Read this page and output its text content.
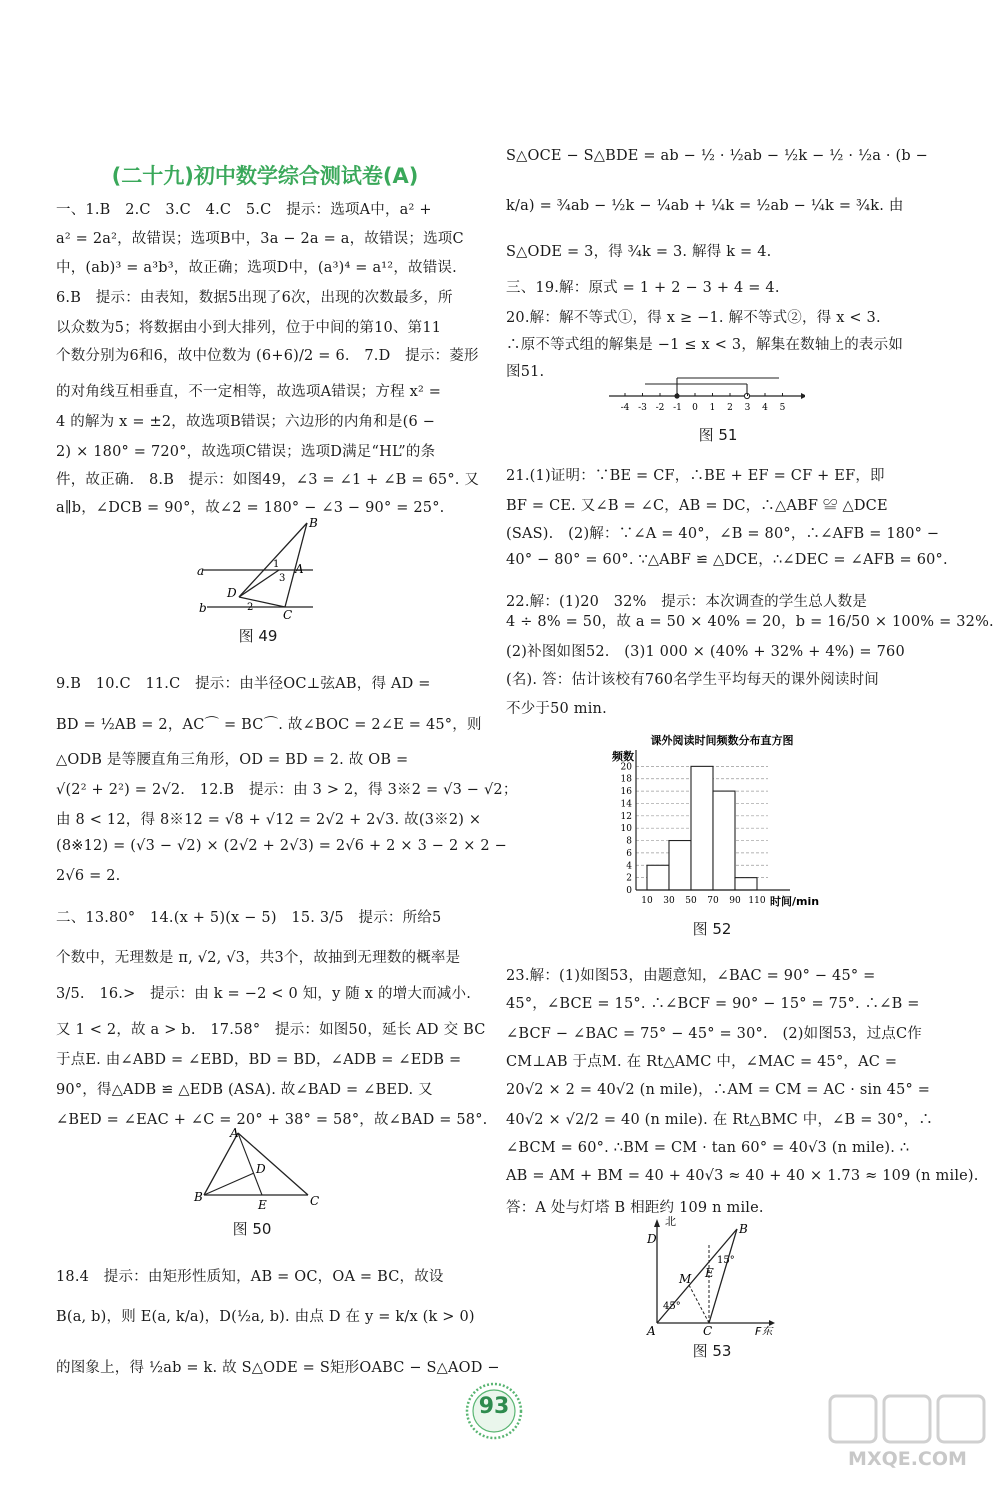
(二十九)初中数学综合测试卷(A)
一、1.B　2.C　3.C　4.C　5.C　提示：选项A中，a² +
a² = 2a²，故错误；选项B中，3a − 2a = a，故错误；选项C
中，(ab)³ = a³b³，故正确；选项D中，(a³)⁴ = a¹²，故错误.
6.B　提示：由表知，数据5出现了6次，出现的次数最多，所
以众数为5；将数据由小到大排列，位于中间的第10、第11
个数分别为6和6，故中位数为 (6+6)/2 = 6.　7.D　提示：菱形
的对角线互相垂直，不一定相等，故选项A错误；方程 x² =
4 的解为 x = ±2，故选项B错误；六边形的内角和是(6 −
2) × 180° = 720°，故选项C错误；选项D满足“HL”的条
件，故正确.　8.B　提示：如图49，∠3 = ∠1 + ∠B = 65°. 又
a∥b，∠DCB = 90°，故∠2 = 180° − ∠3 − 90° = 25°.
9.B　10.C　11.C　提示：由半径OC⊥弦AB，得 AD =
BD = ½AB = 2，AC⌒ = BC⌒. 故∠BOC = 2∠E = 45°，则
△ODB 是等腰直角三角形，OD = BD = 2. 故 OB =
√(2² + 2²) = 2√2.　12.B　提示：由 3 > 2，得 3※2 = √3 − √2；
由 8 < 12，得 8※12 = √8 + √12 = 2√2 + 2√3. 故(3※2) ×
(8※12) = (√3 − √2) × (2√2 + 2√3) = 2√6 + 2 × 3 − 2 × 2 −
2√6 = 2.
二、13.80°　14.(x + 5)(x − 5)　15. 3/5　提示：所给5
个数中，无理数是 π, √2, √3，共3个，故抽到无理数的概率是
3/5.　16.>　提示：由 k = −2 < 0 知，y 随 x 的增大而减小.
又 1 < 2，故 a > b.　17.58°　提示：如图50，延长 AD 交 BC
于点E. 由∠ABD = ∠EBD，BD = BD，∠ADB = ∠EDB =
90°，得△ADB ≌ △EDB (ASA). 故∠BAD = ∠BED. 又
∠BED = ∠EAC + ∠C = 20° + 38° = 58°，故∠BAD = 58°.
18.4　提示：由矩形性质知，AB = OC，OA = BC，故设
B(a, b)，则 E(a, k/a)，D(½a, b). 由点 D 在 y = k/x (k > 0)
的图象上，得 ½ab = k. 故 S△ODE = S矩形OABC − S△AOD −
S△OCE − S△BDE = ab − ½ · ½ab − ½k − ½ · ½a · (b −
k/a) = ¾ab − ½k − ¼ab + ¼k = ½ab − ¼k = ¾k. 由
S△ODE = 3，得 ¾k = 3. 解得 k = 4.
三、19.解：原式 = 1 + 2 − 3 + 4 = 4.
20.解：解不等式①，得 x ≥ −1. 解不等式②，得 x < 3.
∴原不等式组的解集是 −1 ≤ x < 3，解集在数轴上的表示如
图51.
21.(1)证明：∵BE = CF，∴BE + EF = CF + EF，即
BF = CE. 又∠B = ∠C，AB = DC，∴△ABF ≌ △DCE
(SAS).　(2)解：∵∠A = 40°，∠B = 80°，∴∠AFB = 180° −
40° − 80° = 60°. ∵△ABF ≌ △DCE，∴∠DEC = ∠AFB = 60°.
22.解：(1)20　32%　提示：本次调查的学生总人数是
4 ÷ 8% = 50，故 a = 50 × 40% = 20，b = 16/50 × 100% = 32%.
(2)补图如图52.　(3)1 000 × (40% + 32% + 4%) = 760
(名). 答：估计该校有760名学生平均每天的课外阅读时间
不少于50 min.
23.解：(1)如图53，由题意知，∠BAC = 90° − 45° =
45°，∠BCE = 15°. ∴∠BCF = 90° − 15° = 75°. ∴∠B =
∠BCF − ∠BAC = 75° − 45° = 30°.　(2)如图53，过点C作
CM⊥AB 于点M. 在 Rt△AMC 中，∠MAC = 45°，AC =
20√2 × 2 = 40√2 (n mile)，∴AM = CM = AC · sin 45° =
40√2 × √2/2 = 40 (n mile). 在 Rt△BMC 中，∠B = 30°，∴
∠BCM = 60°. ∴BM = CM · tan 60° = 40√3 (n mile). ∴
AB = AM + BM = 40 + 40√3 ≈ 40 + 40 × 1.73 ≈ 109 (n mile).
答：A 处与灯塔 B 相距约 109 n mile.
a
b
B
A
C
D
1
2
3
图 49
A
B	C
D
E
图 50
-4 -3 -2 -1 0 1 2 3 4 5
图 51
课外阅读时间频数分布直方图
频数
时间/min
0
2
4
6
8
10
12
14
16
18
20
10 30 50 70 90 110
图 52
北
F东
A
B
C
D
E
M
45°
15°
图 53
93
MXQE.COM
